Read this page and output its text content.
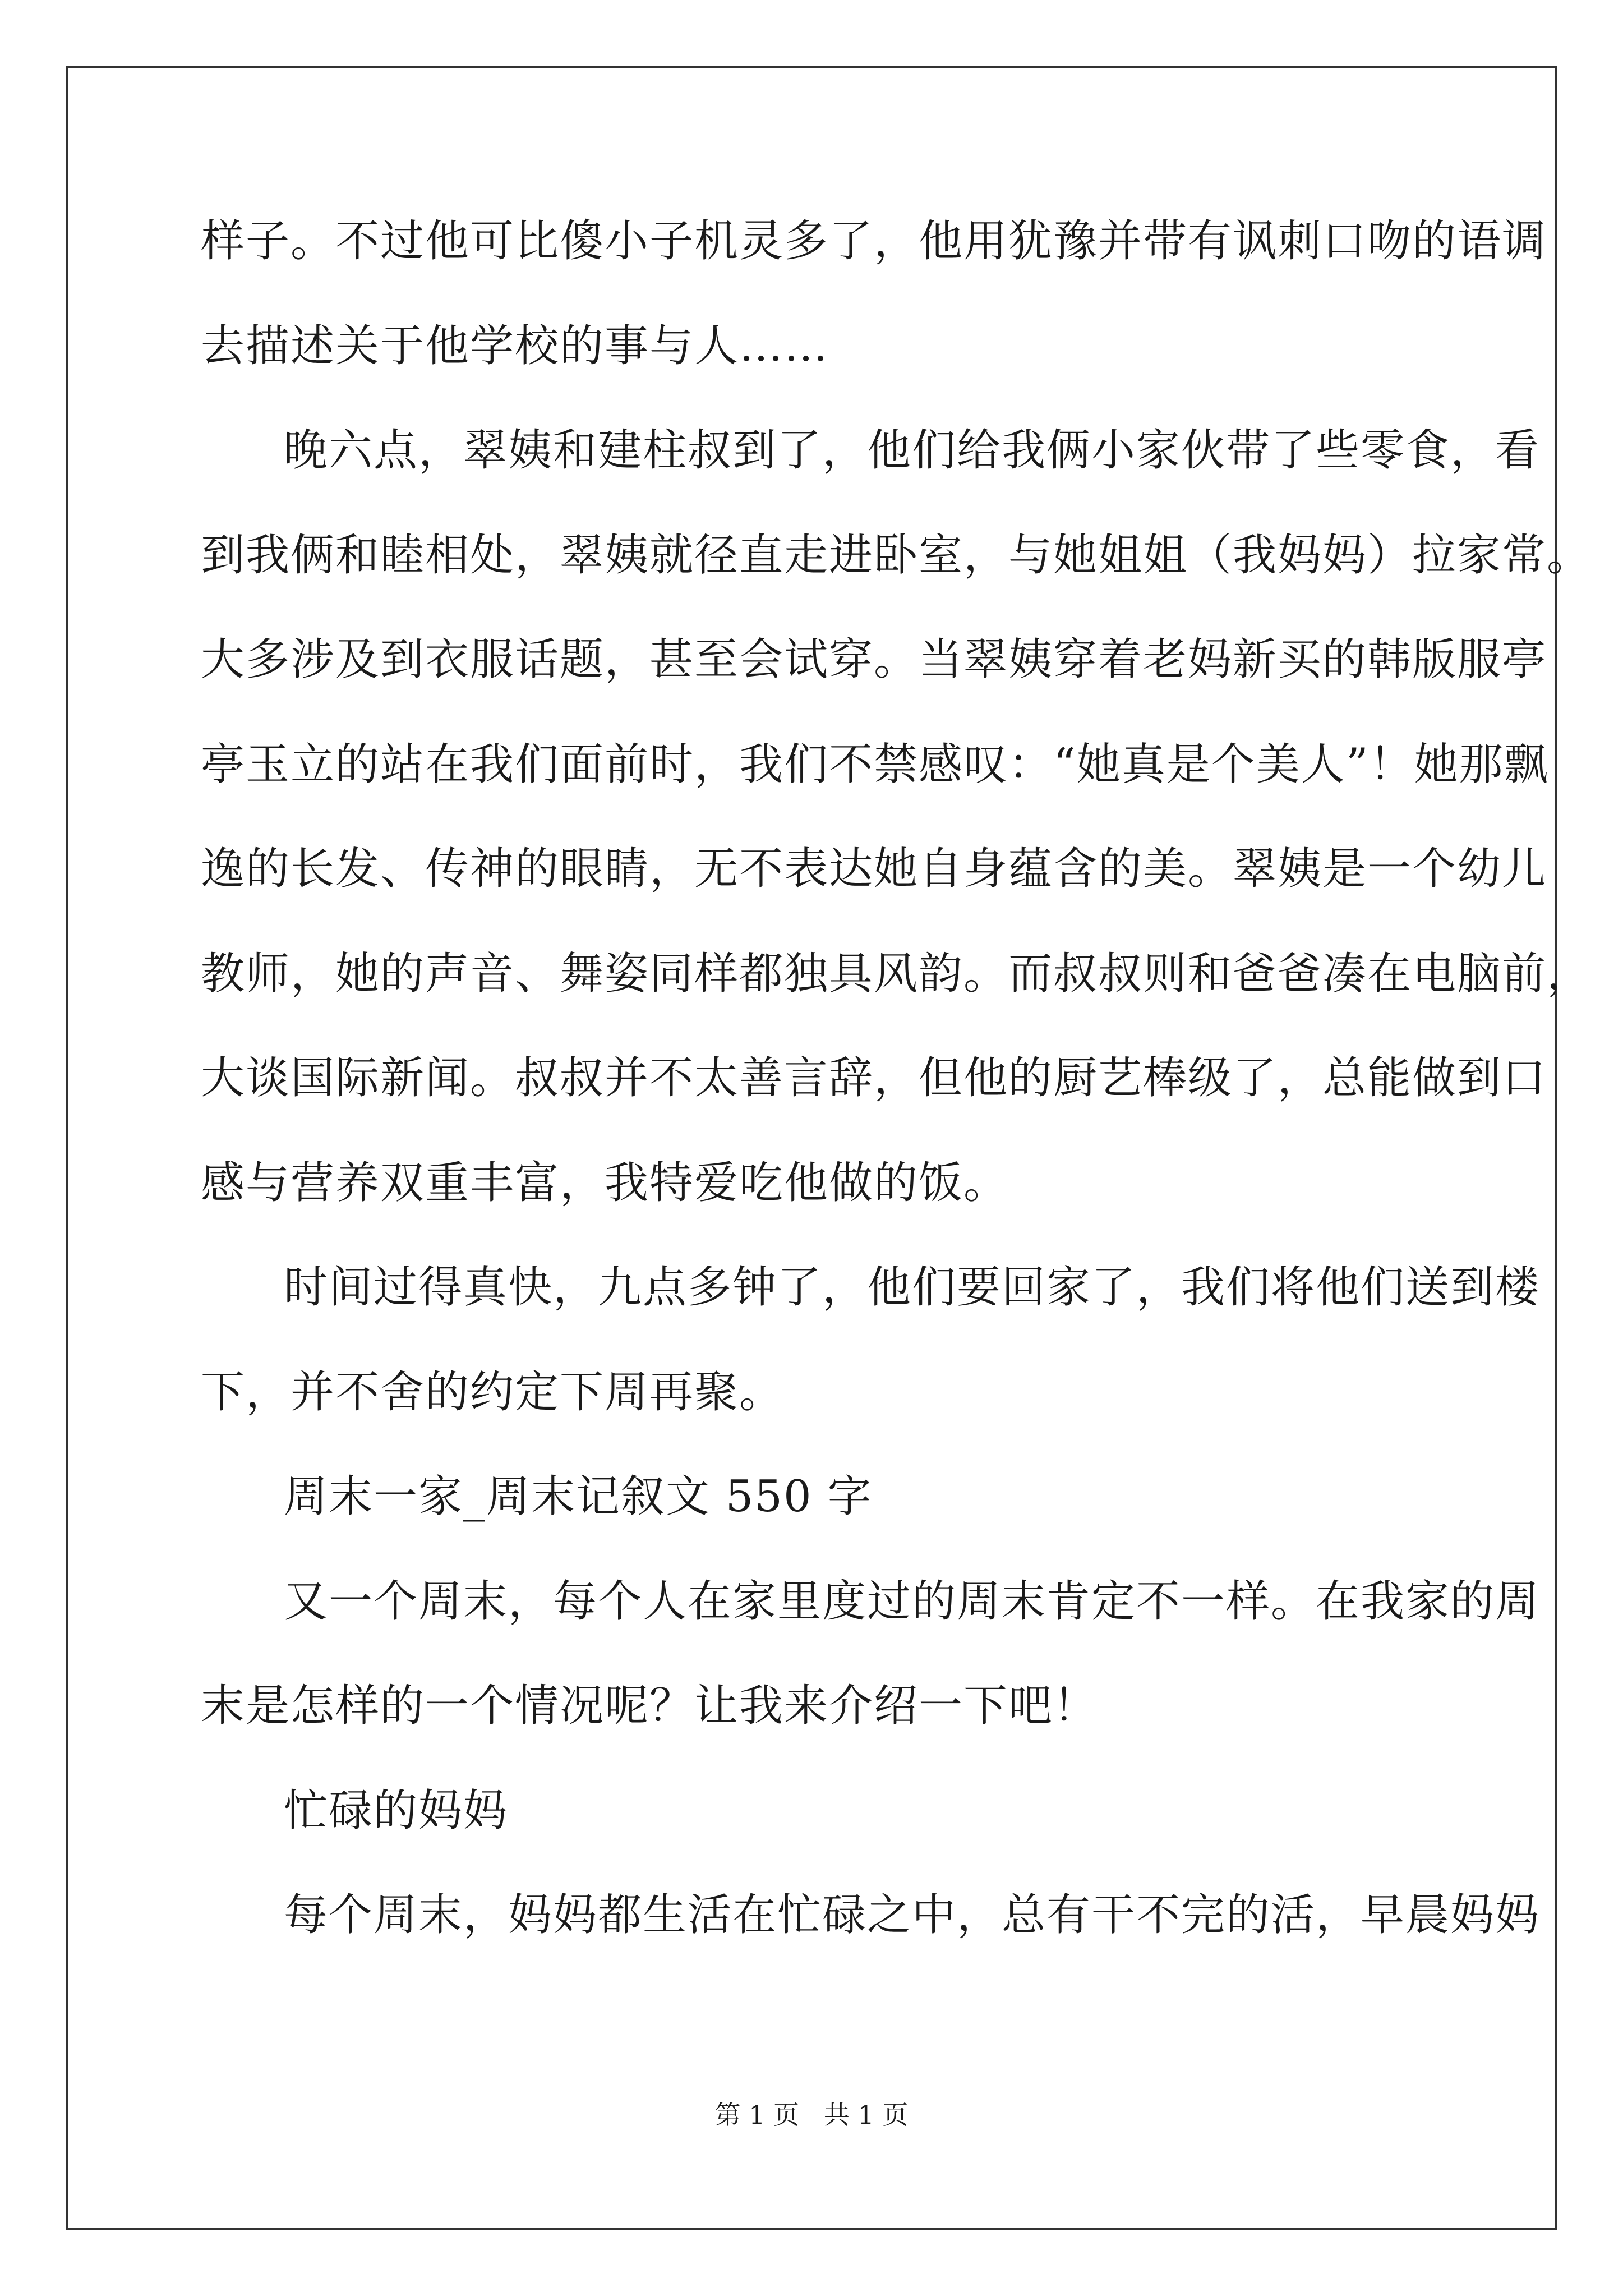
样子。不过他可比傻小子机灵多了，他用犹豫并带有讽刺口吻的语调
去描述关于他学校的事与人……
晚六点，翠姨和建柱叔到了，他们给我俩小家伙带了些零食，看
到我俩和睦相处，翠姨就径直走进卧室，与她姐姐（我妈妈）拉家常。
大多涉及到衣服话题，甚至会试穿。当翠姨穿着老妈新买的韩版服亭
亭玉立的站在我们面前时，我们不禁感叹：“她真是个美人”！她那飘
逸的长发、传神的眼睛，无不表达她自身蕴含的美。翠姨是一个幼儿
教师，她的声音、舞姿同样都独具风韵。而叔叔则和爸爸凑在电脑前，
大谈国际新闻。叔叔并不太善言辞，但他的厨艺棒级了，总能做到口
感与营养双重丰富，我特爱吃他做的饭。
时间过得真快，九点多钟了，他们要回家了，我们将他们送到楼
下，并不舍的约定下周再聚。
周末一家_周末记叙文 550 字
又一个周末，每个人在家里度过的周末肯定不一样。在我家的周
末是怎样的一个情况呢？让我来介绍一下吧！
忙碌的妈妈
每个周末，妈妈都生活在忙碌之中，总有干不完的活，早晨妈妈
第 1 页   共 1 页
